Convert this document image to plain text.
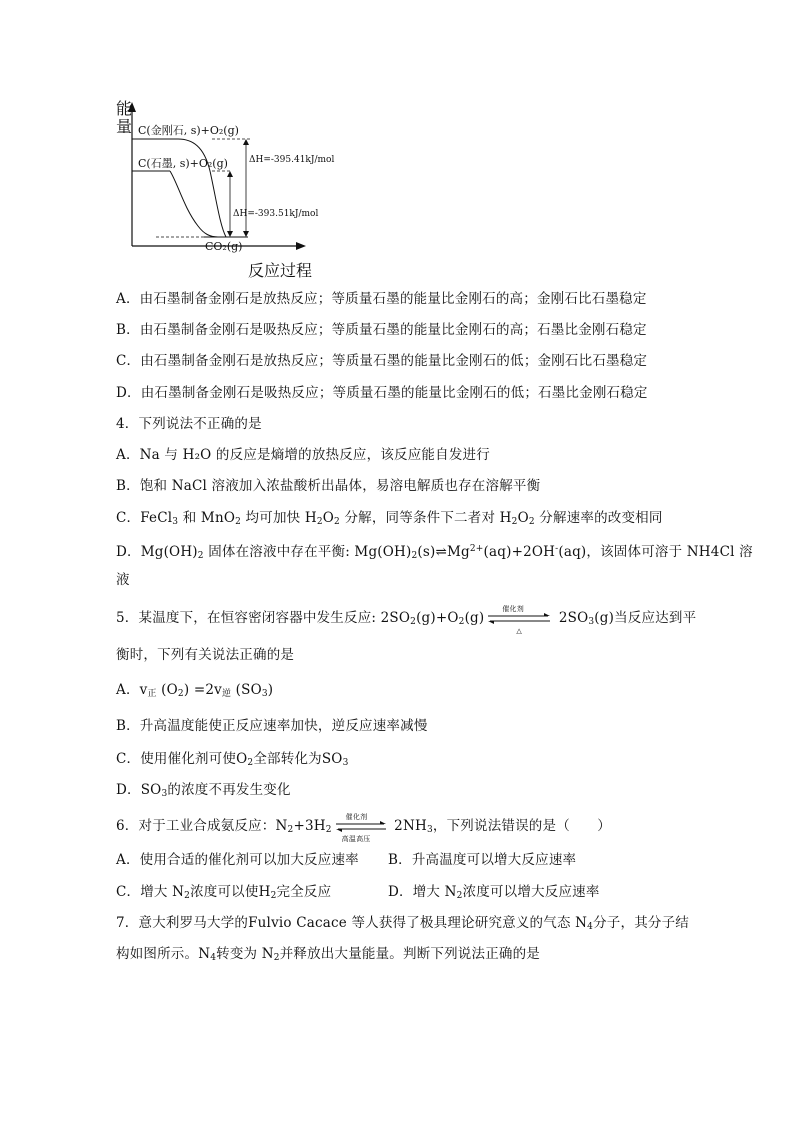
能
量 C(金刚石, s)+O₂(g)
C(石墨, s)+O₂(g)
CO₂(g)
ΔH=-395.41kJ/mol
ΔH=-393.51kJ/mol
反应过程
A．由石墨制备金刚石是放热反应；等质量石墨的能量比金刚石的高；金刚石比石墨稳定
B．由石墨制备金刚石是吸热反应；等质量石墨的能量比金刚石的高；石墨比金刚石稳定
C．由石墨制备金刚石是放热反应；等质量石墨的能量比金刚石的低；金刚石比石墨稳定
D．由石墨制备金刚石是吸热反应；等质量石墨的能量比金刚石的低；石墨比金刚石稳定
4．下列说法不正确的是
A．Na 与 H₂O 的反应是熵增的放热反应，该反应能自发进行
B．饱和 NaCl 溶液加入浓盐酸析出晶体，易溶电解质也存在溶解平衡
C．FeCl$_3$ 和 MnO$_2$ 均可加快 $H_2O_2$ 分解，同等条件下二者对 $H_2O_2$ 分解速率的改变相同
D．$Mg(OH)_2$ 固体在溶液中存在平衡: $Mg(OH)_2(s)\rightleftharpoons Mg^{2+}(aq)+2OH^-(aq)$，该固体可溶于 NH4Cl 溶
液
5．某温度下，在恒容密闭容器中发生反应: $2SO_2(g)+O_2(g)$
催化剂
△
$2SO_3(g)$当反应达到平
衡时，下列有关说法正确的是
A．$v_正$ $(O_2) =2v_逆$ $(SO_3)$
B．升高温度能使正反应速率加快，逆反应速率减慢
C．使用催化剂可使$O_2$全部转化为$SO_3$
D．$SO_3$的浓度不再发生变化
6．对于工业合成氨反应：$N_2+3H_2$
催化剂
高温高压
$2NH_3$，下列说法错误的是（　　）
A．使用合适的催化剂可以加大反应速率 B．升高温度可以增大反应速率
C．增大 $N_2$浓度可以使$H_2$完全反应	D．增大 $N_2$浓度可以增大反应速率
7．意大利罗马大学的Fulvio Cacace 等人获得了极具理论研究意义的气态 $N_4$分子，其分子结
构如图所示。$N_4$转变为 $N_2$并释放出大量能量。判断下列说法正确的是
